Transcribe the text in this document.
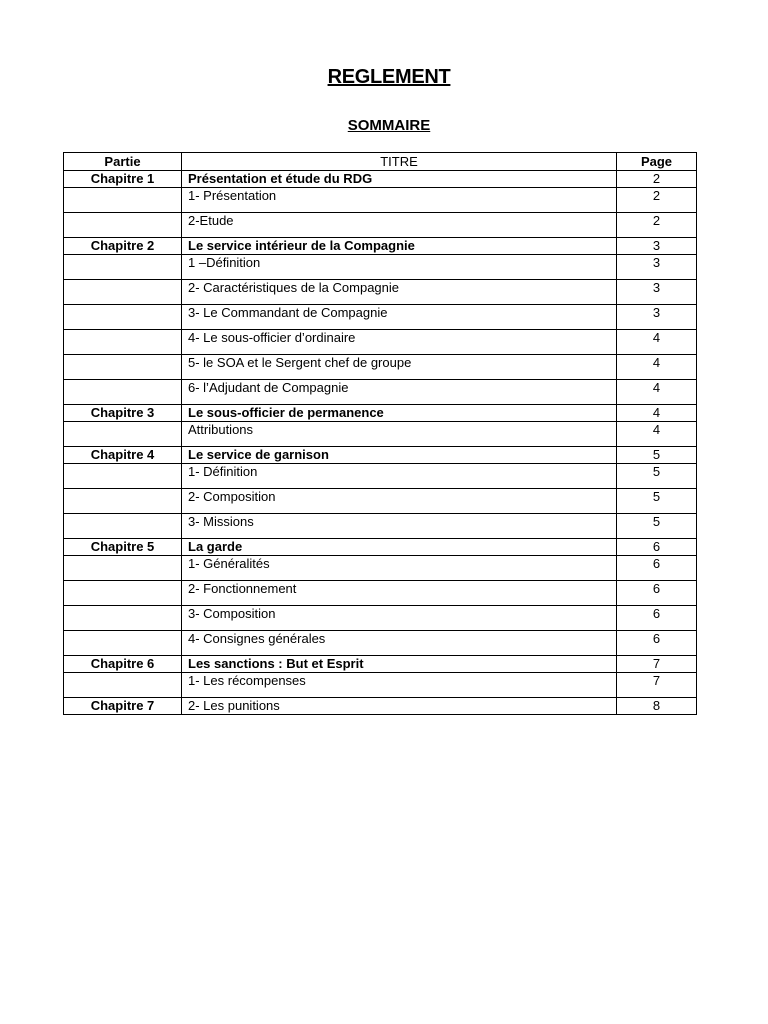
REGLEMENT
SOMMAIRE
Partie	TITRE	Page
Chapitre 1	Présentation et étude du RDG	2
	1- Présentation	2
	2-Etude	2
Chapitre 2	Le service intérieur de la Compagnie	3
	1 –Définition	3
	2- Caractéristiques de la Compagnie	3
	3- Le Commandant de Compagnie	3
	4- Le sous-officier d’ordinaire	4
	5- le SOA et le Sergent chef de groupe	4
	6- l’Adjudant de Compagnie	4
Chapitre 3	Le sous-officier de permanence	4
	Attributions	4
Chapitre 4	Le service de garnison	5
	1- Définition	5
	2- Composition	5
	3- Missions	5
Chapitre 5	La garde	6
	1- Généralités	6
	2- Fonctionnement	6
	3- Composition	6
	4- Consignes générales	6
Chapitre 6	Les sanctions : But et Esprit	7
	1- Les récompenses	7
Chapitre 7	2- Les punitions	8
